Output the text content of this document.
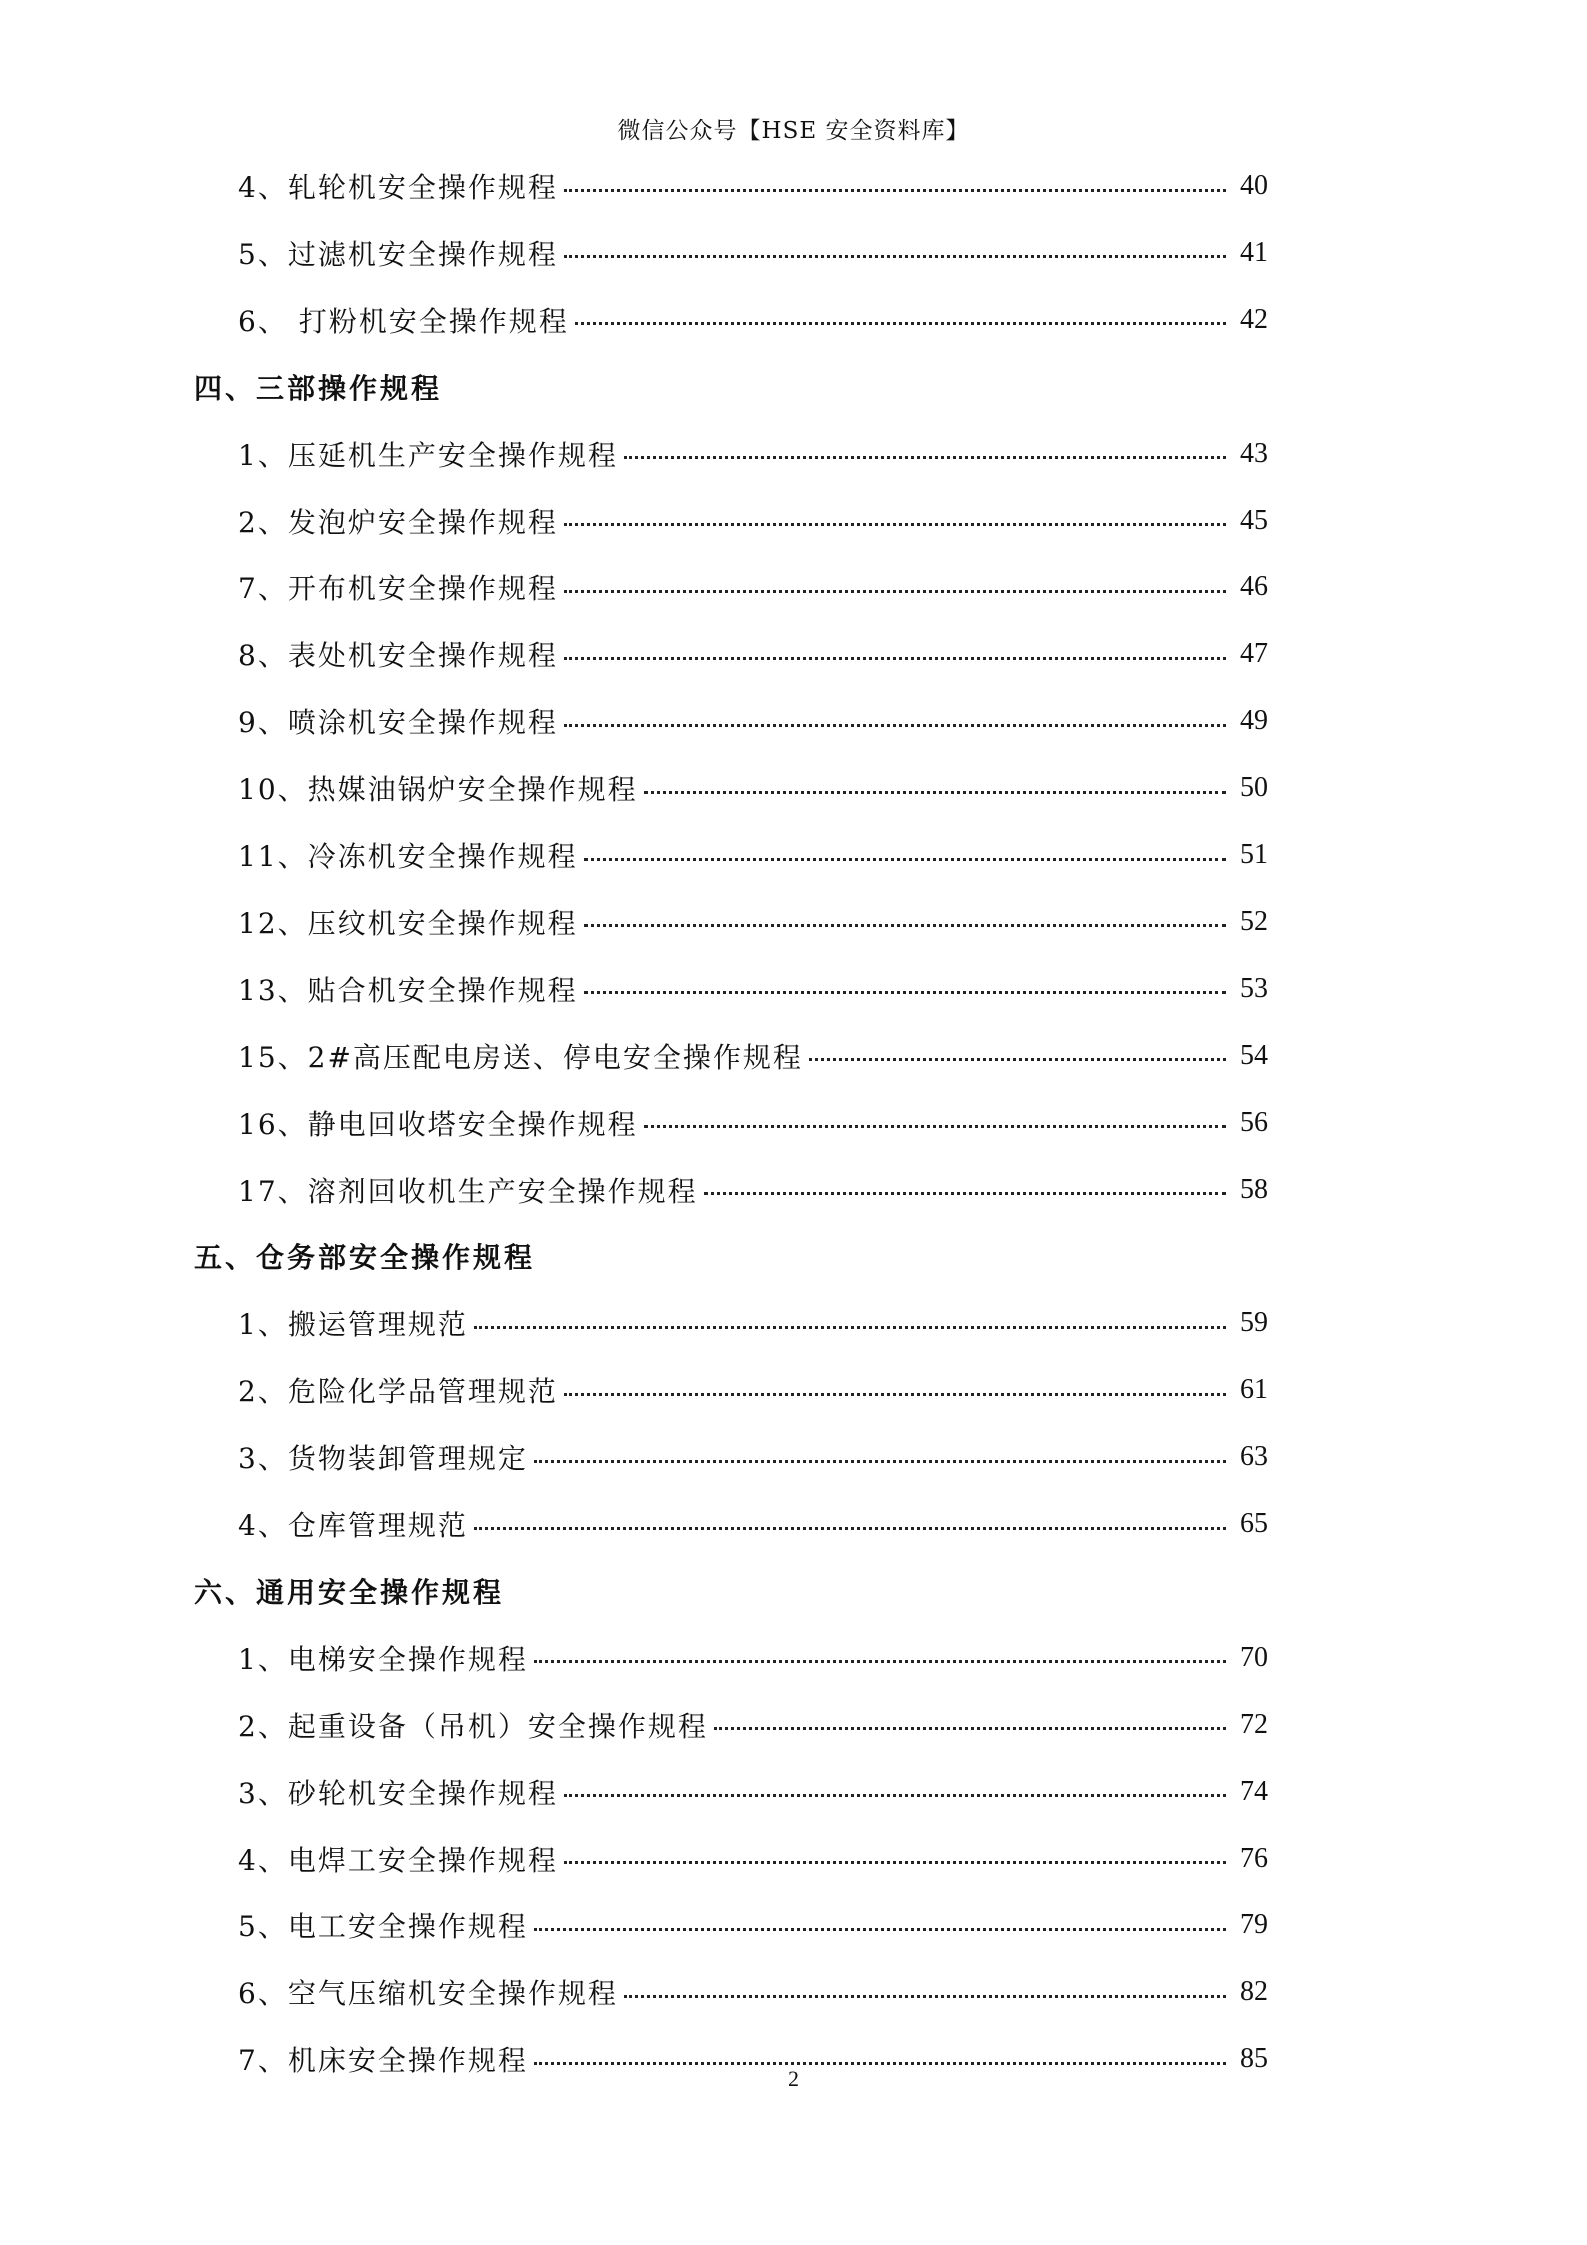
微信公众号【HSE 安全资料库】
4、轧轮机安全操作规程	40
5、过滤机安全操作规程	41
6、 打粉机安全操作规程	42
四、三部操作规程
1、压延机生产安全操作规程	43
2、发泡炉安全操作规程	45
7、开布机安全操作规程	46
8、表处机安全操作规程	47
9、喷涂机安全操作规程	49
10、热媒油锅炉安全操作规程	50
11、冷冻机安全操作规程	51
12、压纹机安全操作规程	52
13、贴合机安全操作规程	53
15、2#高压配电房送、停电安全操作规程	54
16、静电回收塔安全操作规程	56
17、溶剂回收机生产安全操作规程	58
五、仓务部安全操作规程
1、搬运管理规范	59
2、危险化学品管理规范	61
3、货物装卸管理规定	63
4、仓库管理规范	65
六、通用安全操作规程
1、电梯安全操作规程	70
2、起重设备（吊机）安全操作规程	72
3、砂轮机安全操作规程	74
4、电焊工安全操作规程	76
5、电工安全操作规程	79
6、空气压缩机安全操作规程	82
7、机床安全操作规程	85
2
